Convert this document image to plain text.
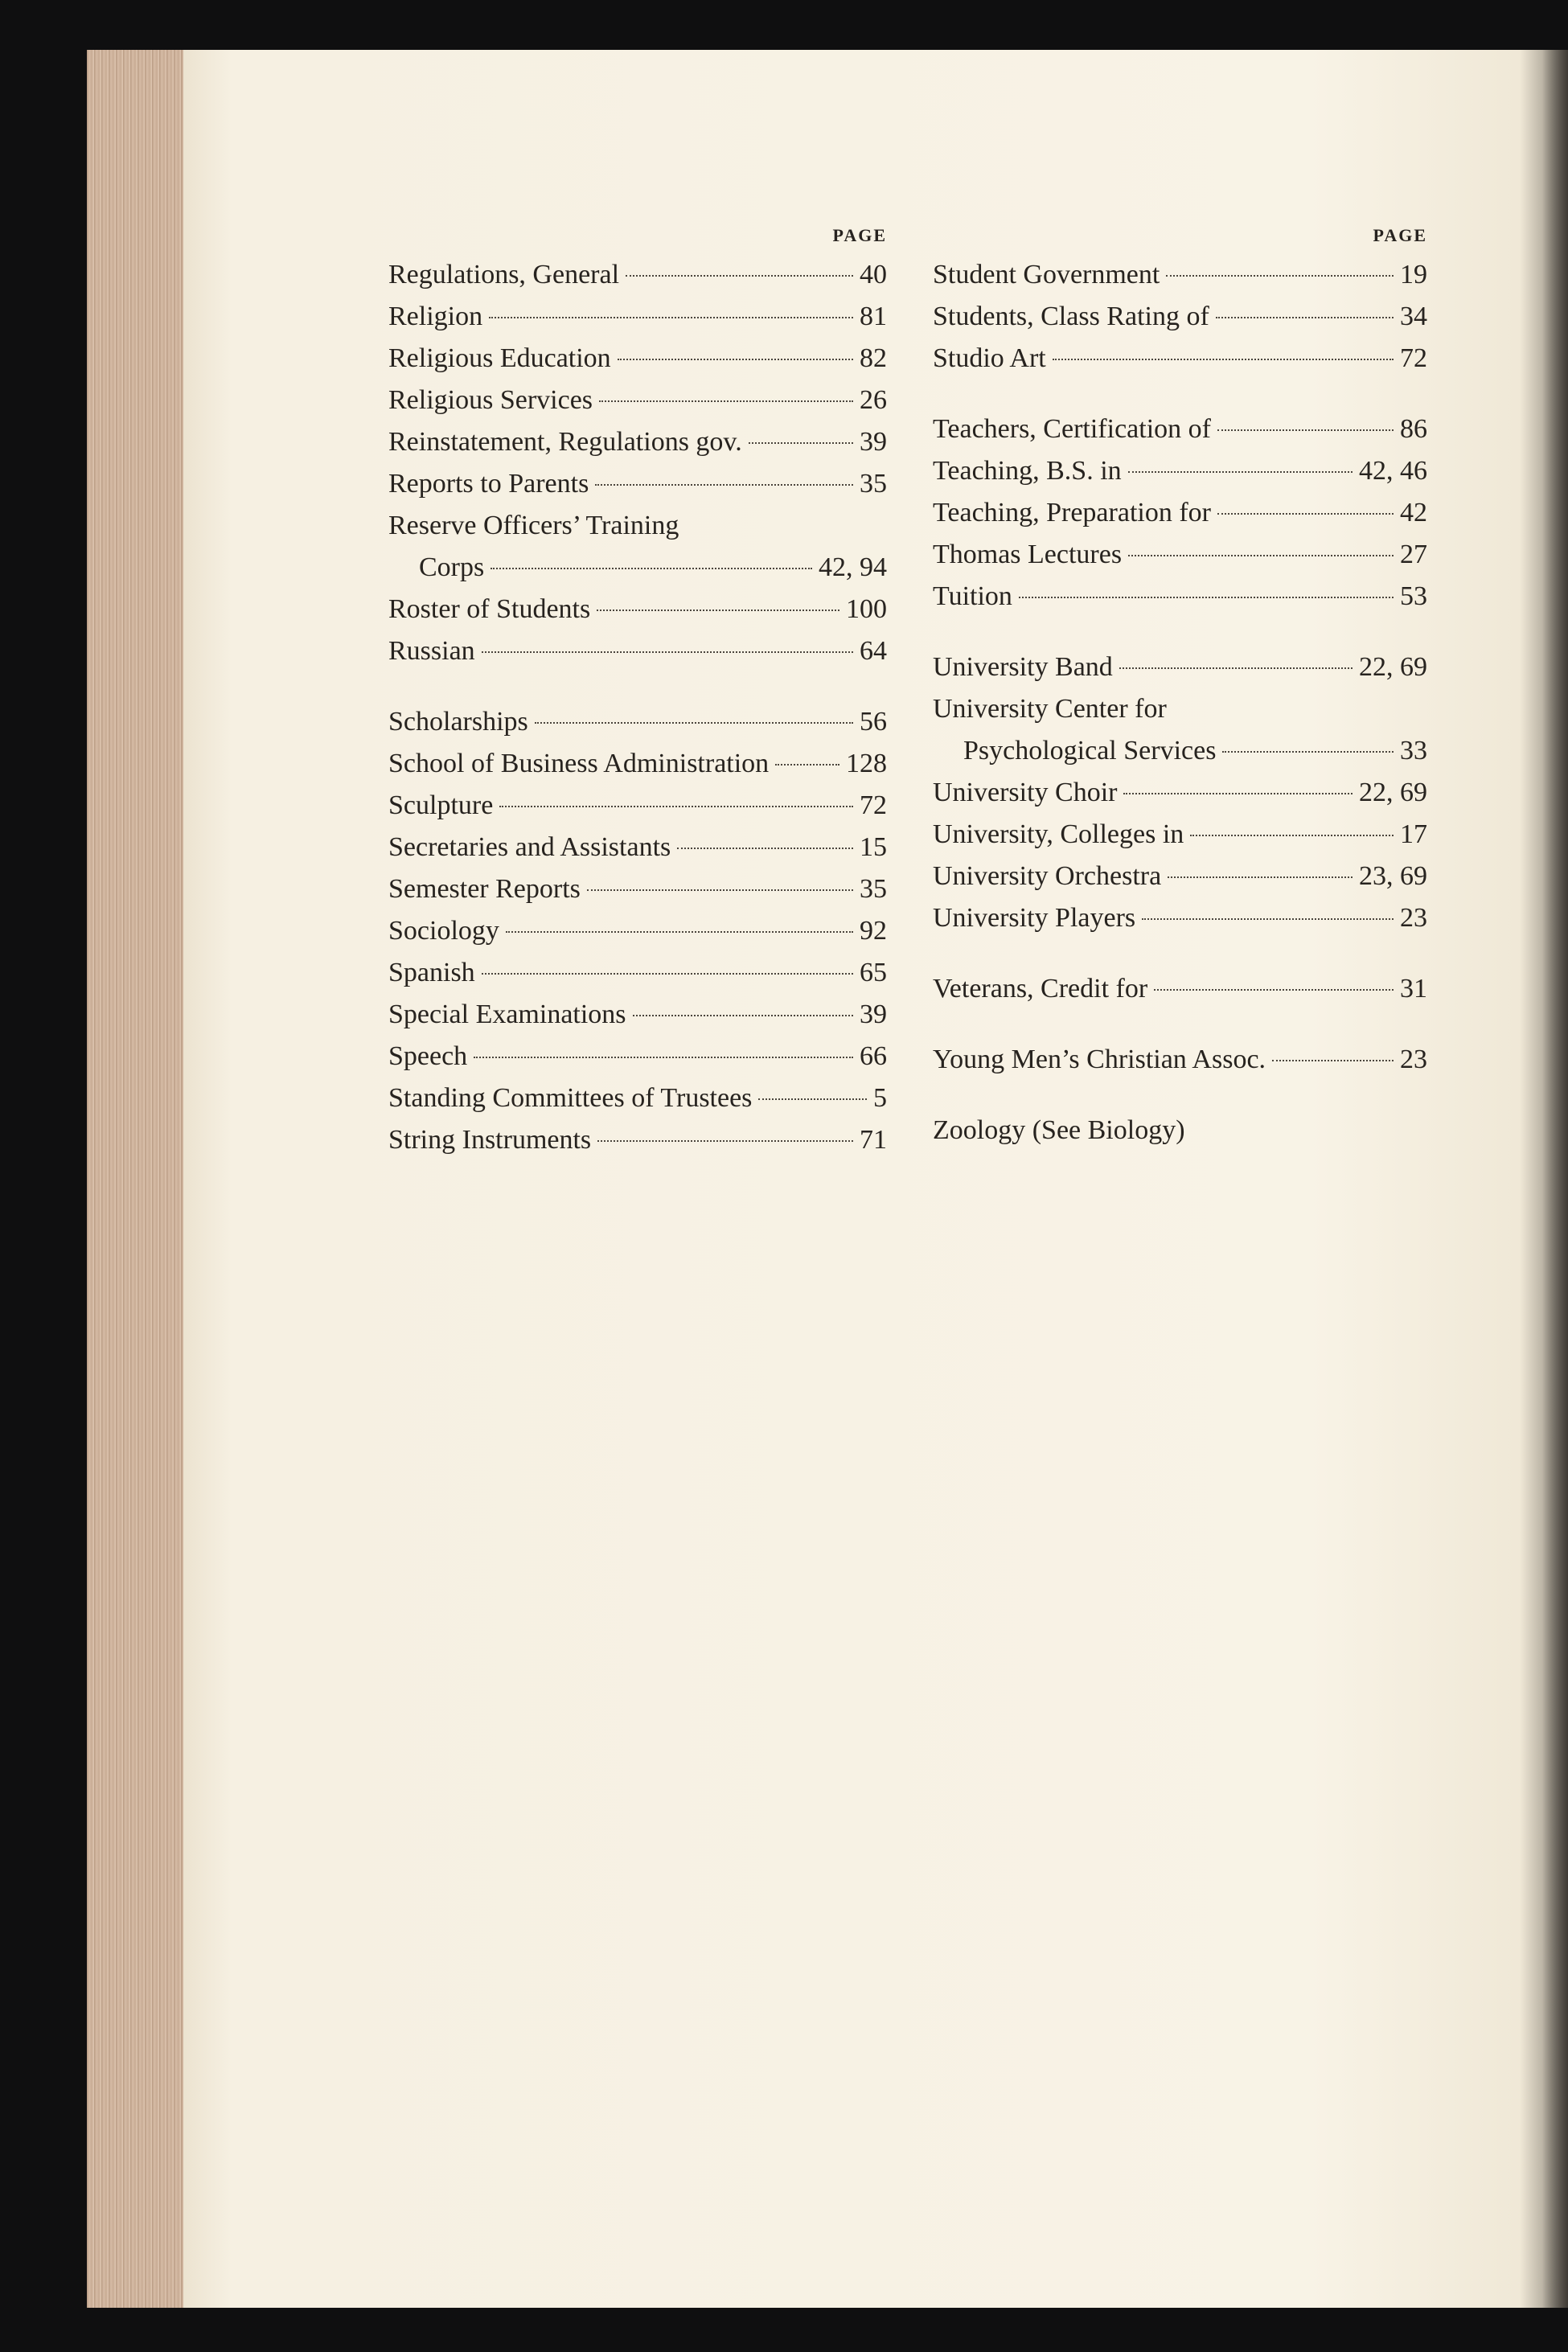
PAGE
Regulations, General	40
Religion	81
Religious Education	82
Religious Services	26
Reinstatement, Regulations gov.	39
Reports to Parents	35
Reserve Officers’ Training
Corps	42, 94
Roster of Students	100
Russian	64
Scholarships	56
School of Business Administration	128
Sculpture	72
Secretaries and Assistants	15
Semester Reports	35
Sociology	92
Spanish	65
Special Examinations	39
Speech	66
Standing Committees of Trustees	5
String Instruments	71
PAGE
Student Government	19
Students, Class Rating of	34
Studio Art	72
Teachers, Certification of	86
Teaching, B.S. in	42, 46
Teaching, Preparation for	42
Thomas Lectures	27
Tuition	53
University Band	22, 69
University Center for
Psychological Services	33
University Choir	22, 69
University, Colleges in	17
University Orchestra	23, 69
University Players	23
Veterans, Credit for	31
Young Men’s Christian Assoc.	23
Zoology (See Biology)
